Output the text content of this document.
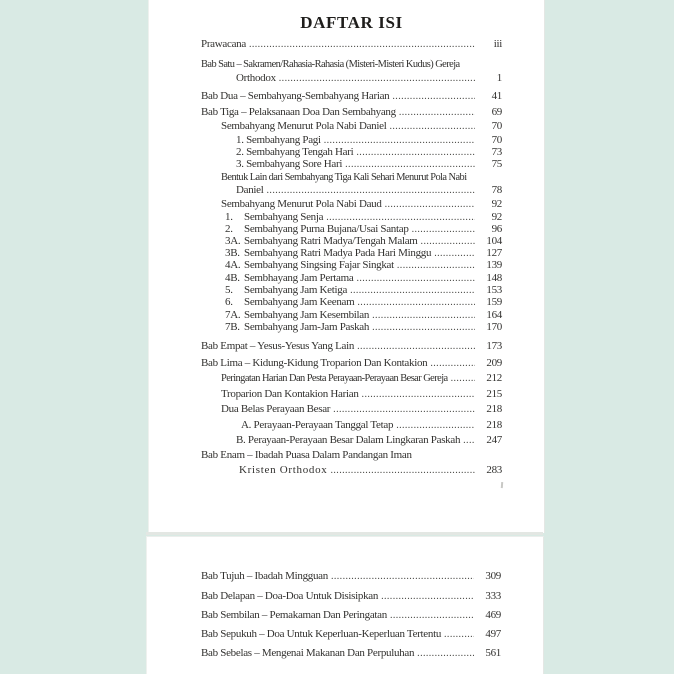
DAFTAR ISI
Prawacana .....	iii
Bab Satu – Sakramen/Rahasia-Rahasia (Misteri-Misteri Kudus) Gereja
Orthodox .....	1
Bab Dua – Sembahyang-Sembahyang Harian .....	41
Bab Tiga – Pelaksanaan Doa Dan Sembahyang .....	69
Sembahyang Menurut Pola Nabi Daniel .....	70
1. Sembahyang Pagi .....	70
2. Sembahyang Tengah Hari .....	73
3. Sembahyang Sore Hari .....	75
Bentuk Lain dari Sembahyang Tiga Kali Sehari Menurut Pola Nabi
Daniel .....	78
Sembahyang Menurut Pola Nabi Daud .....	92
1.	Sembahyang Senja .....	92
2.	Sembahyang Purna Bujana/Usai Santap .....	96
3A. Sembahyang Ratri Madya/Tengah Malam .....	104
3B. Sembahyang Ratri Madya Pada Hari Minggu .....	127
4A. Sembahyang Singsing Fajar Singkat .....	139
4B. Sembhayang Jam Pertama .....	148
5.	Sembahyang Jam Ketiga .....	153
6.	Sembahyang Jam Keenam .....	159
7A. Sembahyang Jam Kesembilan .....	164
7B. Sembahyang Jam-Jam Paskah .....	170
Bab Empat – Yesus-Yesus Yang Lain .....	173
Bab Lima – Kidung-Kidung Troparion Dan Kontakion .....	209
Peringatan Harian Dan Pesta Perayaan-Perayaan Besar Gereja .....	212
Troparion Dan Kontakion Harian .....	215
Dua Belas Perayaan Besar .....	218
A. Perayaan-Perayaan Tanggal Tetap .....	218
B. Perayaan-Perayaan Besar Dalam Lingkaran Paskah .....	247
Bab Enam – Ibadah Puasa Dalam Pandangan Iman
Kristen Orthodox .....	283
Bab Tujuh – Ibadah Mingguan .....	309
Bab Delapan – Doa-Doa Untuk Disisipkan .....	333
Bab Sembilan – Pemakaman Dan Peringatan .....	469
Bab Sepukuh – Doa Untuk Keperluan-Keperluan Tertentu .....	497
Bab Sebelas – Mengenai Makanan Dan Perpuluhan .....	561
